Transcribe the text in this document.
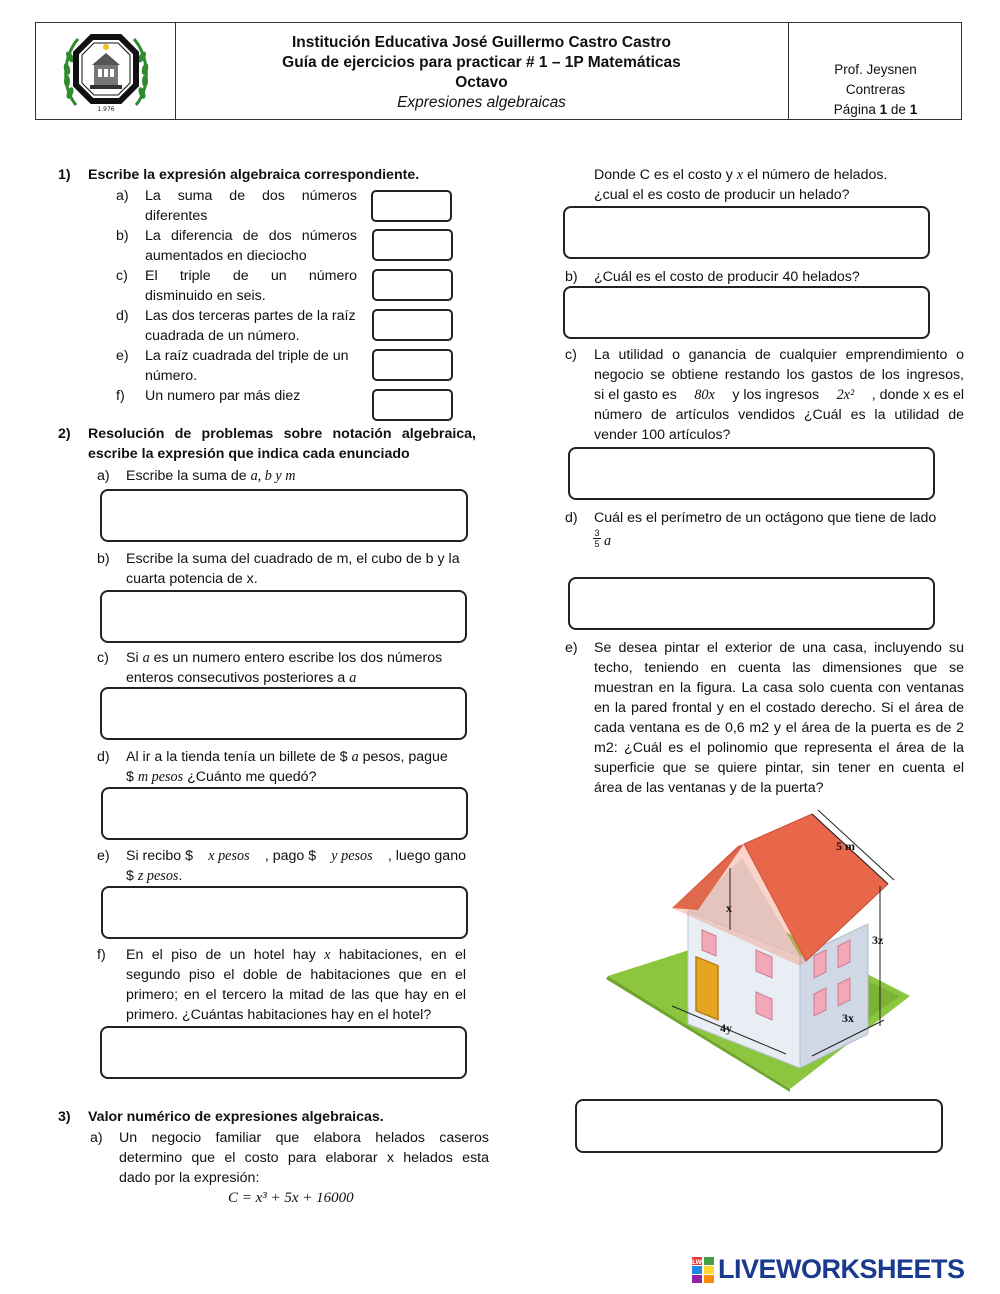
1.976
Institución Educativa José Guillermo Castro Castro
Guía de ejercicios para practicar # 1 – 1P Matemáticas
Octavo
Expresiones algebraicas
Prof. Jeysnen
Contreras
Página 1 de 1
1) Escribe la expresión algebraica correspondiente.
a) La suma de dos números
diferentes
b) La diferencia de dos números
aumentados en dieciocho
c) El triple de un número
disminuido en seis.
d) Las dos terceras partes de la raíz
cuadrada de un número.
e) La raíz cuadrada del triple de un
número.
f) Un numero par más diez
2) Resolución de problemas sobre notación algebraica,
escribe la expresión que indica cada enunciado
a) Escribe la suma de a, b y m
b) Escribe la suma del cuadrado de m, el cubo de b y la
cuarta potencia de x.
c) Si a es un numero entero escribe los dos números
enteros consecutivos posteriores a a
d) Al ir a la tienda tenía un billete de $ a pesos, pague
$ m pesos ¿Cuánto me quedó?
e) Si recibo $ x pesos , pago $ y pesos , luego gano
$ z pesos.
f) En el piso de un hotel hay x habitaciones, en el
segundo piso el doble de habitaciones que en el
primero; en el tercero la mitad de las que hay en el
primero. ¿Cuántas habitaciones hay en el hotel?
3) Valor numérico de expresiones algebraicas.
a) Un negocio familiar que elabora helados caseros
determino que el costo para elaborar x helados esta
dado por la expresión:
C = x³ + 5x + 16000
Donde C es el costo y x el número de helados.
¿cual el es costo de producir un helado?
b) ¿Cuál es el costo de producir 40 helados?
c) La utilidad o ganancia de cualquier emprendimiento o
negocio se obtiene restando los gastos de los ingresos,
si el gasto es 80x y los ingresos 2x² , donde x es el
número de artículos vendidos ¿Cuál es la utilidad de
vender 100 artículos?
d) Cuál es el perímetro de un octágono que tiene de lado
$\frac{3}{5}$ a
e) Se desea pintar el exterior de una casa, incluyendo su
techo, teniendo en cuenta las dimensiones que se
muestran en la figura. La casa solo cuenta con ventanas
en la pared frontal y en el costado derecho. Si el área de
cada ventana es de 0,6 m2 y el área de la puerta es de 2
m2: ¿Cuál es el polinomio que representa el área de la
superficie que se quiere pintar, sin tener en cuenta el
área de las ventanas y de la puerta?
5 m
3z
x
4y
3x
LW LIVEWORKSHEETS
